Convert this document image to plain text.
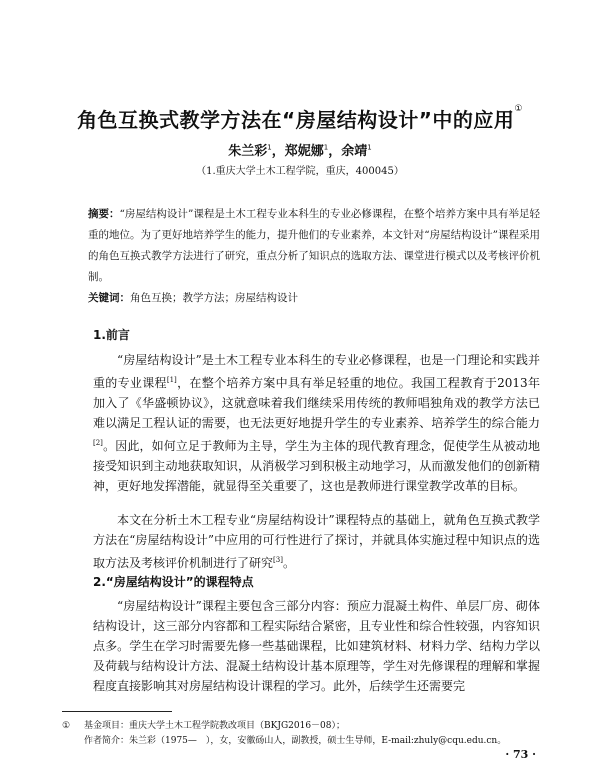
角色互换式教学方法在“房屋结构设计”中的应用①
朱兰彩$^1$，郑妮娜$^1$，余靖$^1$
（1.重庆大学土木工程学院，重庆，400045）
摘要：“房屋结构设计”课程是土木工程专业本科生的专业必修课程，在整个培养方案中具有举足轻重的地位。为了更好地培养学生的能力，提升他们的专业素养，本文针对“房屋结构设计”课程采用的角色互换式教学方法进行了研究，重点分析了知识点的选取方法、课堂进行模式以及考核评价机制。
关键词：角色互换；教学方法；房屋结构设计
1.前言
“房屋结构设计”是土木工程专业本科生的专业必修课程，也是一门理论和实践并重的专业课程[1]，在整个培养方案中具有举足轻重的地位。我国工程教育于2013年加入了《华盛顿协议》，这就意味着我们继续采用传统的教师唱独角戏的教学方法已难以满足工程认证的需要，也无法更好地提升学生的专业素养、培养学生的综合能力[2]。因此，如何立足于教师为主导，学生为主体的现代教育理念，促使学生从被动地接受知识到主动地获取知识，从消极学习到积极主动地学习，从而激发他们的创新精神，更好地发挥潜能，就显得至关重要了，这也是教师进行课堂教学改革的目标。
本文在分析土木工程专业“房屋结构设计”课程特点的基础上，就角色互换式教学方法在“房屋结构设计”中应用的可行性进行了探讨，并就具体实施过程中知识点的选取方法及考核评价机制进行了研究[3]。
2.“房屋结构设计”的课程特点
“房屋结构设计”课程主要包含三部分内容：预应力混凝土构件、单层厂房、砌体结构设计，这三部分内容都和工程实际结合紧密，且专业性和综合性较强，内容知识点多。学生在学习时需要先修一些基础课程，比如建筑材料、材料力学、结构力学以及荷载与结构设计方法、混凝土结构设计基本原理等，学生对先修课程的理解和掌握程度直接影响其对房屋结构设计课程的学习。此外，后续学生还需要完
① 基金项目：重庆大学土木工程学院教改项目（BKJG2016－08）；
作者简介：朱兰彩（1975—　），女，安徽砀山人，副教授，硕士生导师，E-mail:zhuly@cqu.edu.cn。
· 73 ·
